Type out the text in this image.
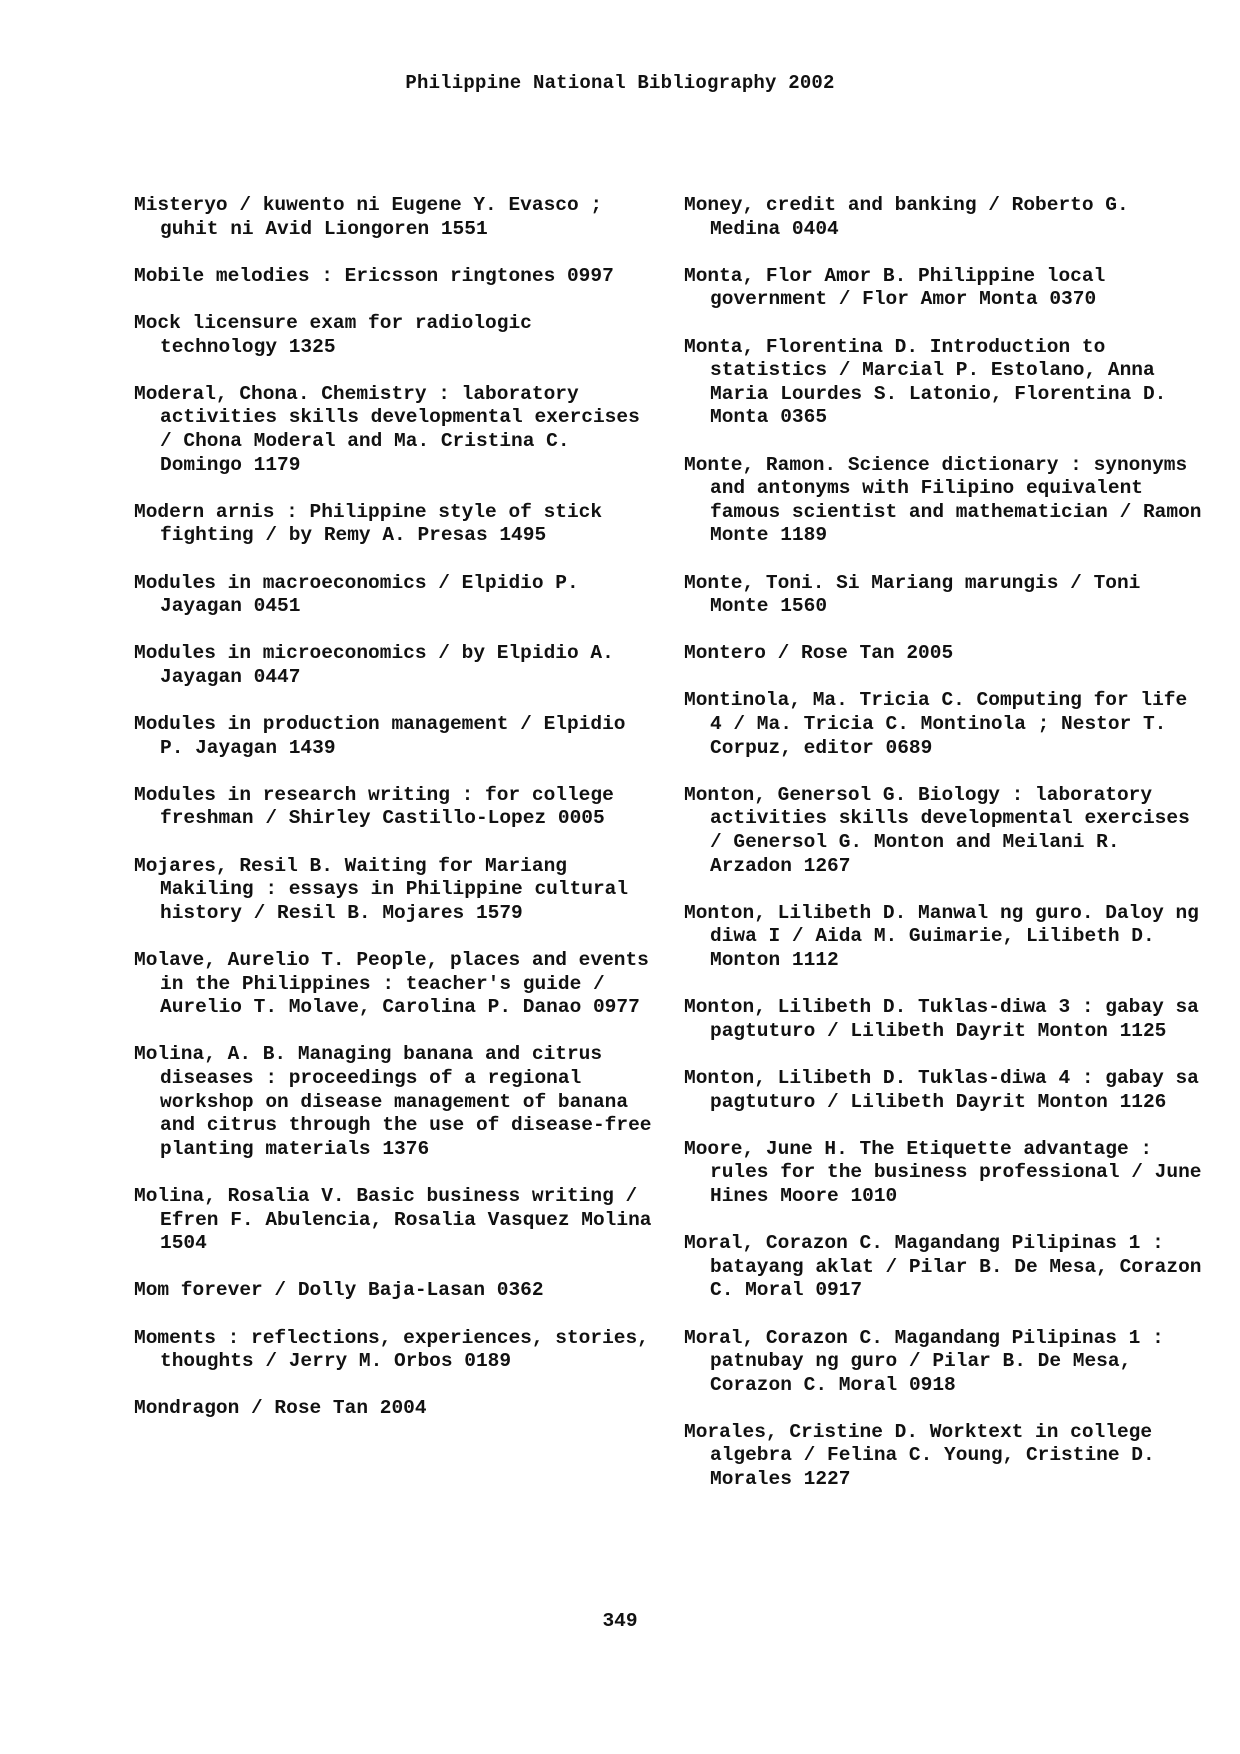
Philippine National Bibliography 2002
Misteryo / kuwento ni Eugene Y. Evasco ; guhit ni Avid Liongoren 1551
Mobile melodies : Ericsson ringtones 0997
Mock licensure exam for radiologic technology 1325
Moderal, Chona. Chemistry : laboratory activities skills developmental exercises / Chona Moderal and Ma. Cristina C. Domingo 1179
Modern arnis : Philippine style of stick fighting / by Remy A. Presas 1495
Modules in macroeconomics / Elpidio P. Jayagan 0451
Modules in microeconomics / by Elpidio A. Jayagan 0447
Modules in production management / Elpidio P. Jayagan 1439
Modules in research writing : for college freshman / Shirley Castillo-Lopez 0005
Mojares, Resil B. Waiting for Mariang Makiling : essays in Philippine cultural history / Resil B. Mojares 1579
Molave, Aurelio T. People, places and events in the Philippines : teacher's guide / Aurelio T. Molave, Carolina P. Danao 0977
Molina, A. B. Managing banana and citrus diseases : proceedings of a regional workshop on disease management of banana and citrus through the use of disease-free planting materials 1376
Molina, Rosalia V. Basic business writing / Efren F. Abulencia, Rosalia Vasquez Molina 1504
Mom forever / Dolly Baja-Lasan 0362
Moments : reflections, experiences, stories, thoughts / Jerry M. Orbos 0189
Mondragon / Rose Tan 2004
Money, credit and banking / Roberto G. Medina 0404
Monta, Flor Amor B. Philippine local government / Flor Amor Monta 0370
Monta, Florentina D. Introduction to statistics / Marcial P. Estolano, Anna Maria Lourdes S. Latonio, Florentina D. Monta 0365
Monte, Ramon. Science dictionary : synonyms and antonyms with Filipino equivalent famous scientist and mathematician / Ramon Monte 1189
Monte, Toni. Si Mariang marungis / Toni Monte 1560
Montero / Rose Tan 2005
Montinola, Ma. Tricia C. Computing for life 4 / Ma. Tricia C. Montinola ; Nestor T. Corpuz, editor 0689
Monton, Genersol G. Biology : laboratory activities skills developmental exercises / Genersol G. Monton and Meilani R. Arzadon 1267
Monton, Lilibeth D. Manwal ng guro. Daloy ng diwa I / Aida M. Guimarie, Lilibeth D. Monton 1112
Monton, Lilibeth D. Tuklas-diwa 3 : gabay sa pagtuturo / Lilibeth Dayrit Monton 1125
Monton, Lilibeth D. Tuklas-diwa 4 : gabay sa pagtuturo / Lilibeth Dayrit Monton 1126
Moore, June H. The Etiquette advantage : rules for the business professional / June Hines Moore 1010
Moral, Corazon C. Magandang Pilipinas 1 : batayang aklat / Pilar B. De Mesa, Corazon C. Moral 0917
Moral, Corazon C. Magandang Pilipinas 1 : patnubay ng guro / Pilar B. De Mesa, Corazon C. Moral 0918
Morales, Cristine D. Worktext in college algebra / Felina C. Young, Cristine D. Morales 1227
349
